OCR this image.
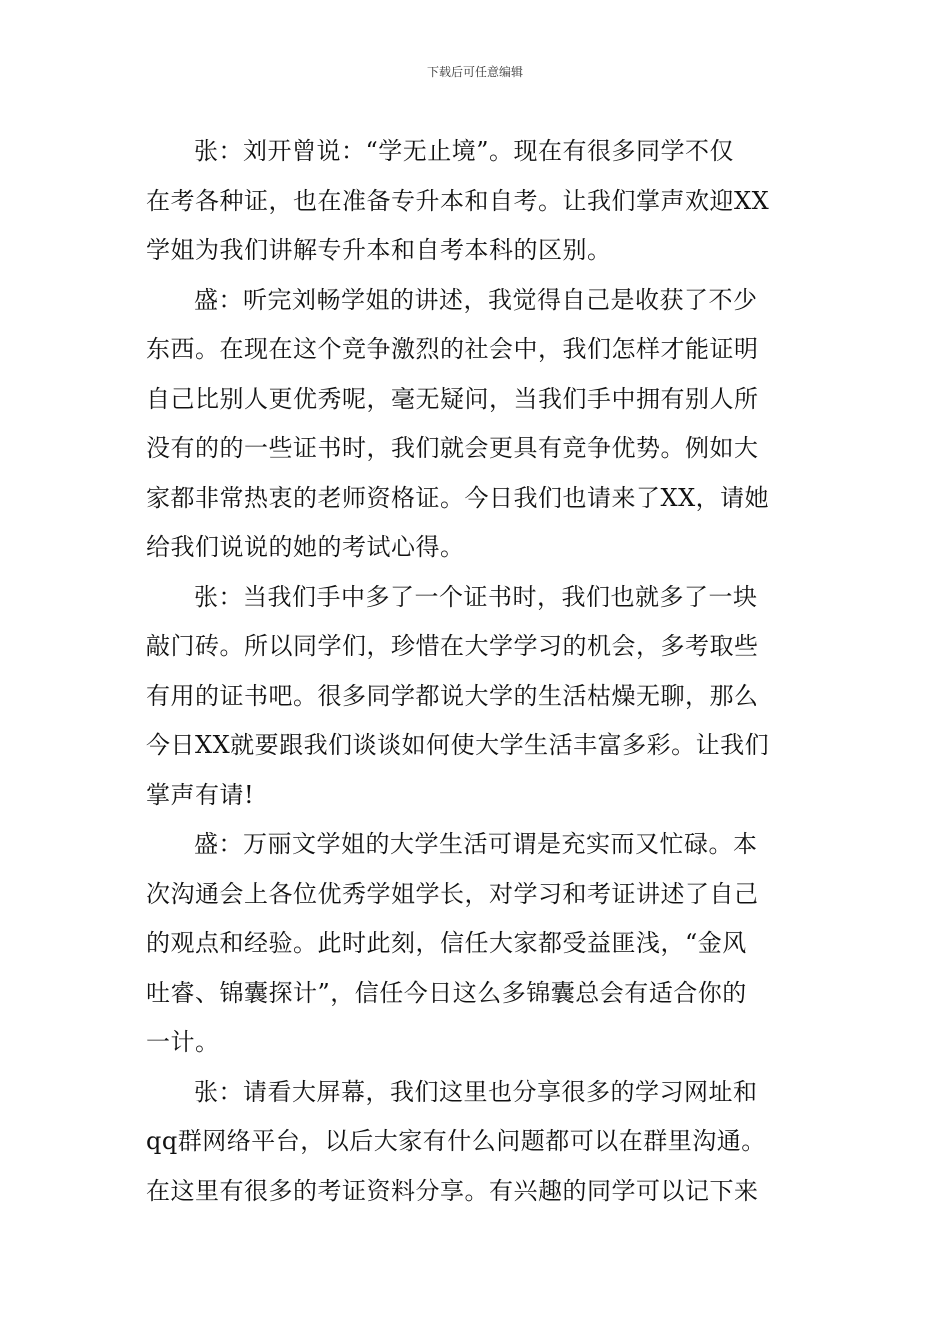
下载后可任意编辑

张：刘开曾说：“学无止境”。现在有很多同学不仅
在考各种证，也在准备专升本和自考。让我们掌声欢迎XX
学姐为我们讲解专升本和自考本科的区别。

盛：听完刘畅学姐的讲述，我觉得自己是收获了不少
东西。在现在这个竞争激烈的社会中，我们怎样才能证明
自己比别人更优秀呢，毫无疑问，当我们手中拥有别人所
没有的的一些证书时，我们就会更具有竞争优势。例如大
家都非常热衷的老师资格证。今日我们也请来了XX，请她
给我们说说的她的考试心得。

张：当我们手中多了一个证书时，我们也就多了一块
敲门砖。所以同学们，珍惜在大学学习的机会，多考取些
有用的证书吧。很多同学都说大学的生活枯燥无聊，那么
今日XX就要跟我们谈谈如何使大学生活丰富多彩。让我们
掌声有请!

盛：万丽文学姐的大学生活可谓是充实而又忙碌。本
次沟通会上各位优秀学姐学长，对学习和考证讲述了自己
的观点和经验。此时此刻，信任大家都受益匪浅，“金风
吐睿、锦囊探计”，信任今日这么多锦囊总会有适合你的
一计。

张：请看大屏幕，我们这里也分享很多的学习网址和
qq群网络平台，以后大家有什么问题都可以在群里沟通。
在这里有很多的考证资料分享。有兴趣的同学可以记下来
